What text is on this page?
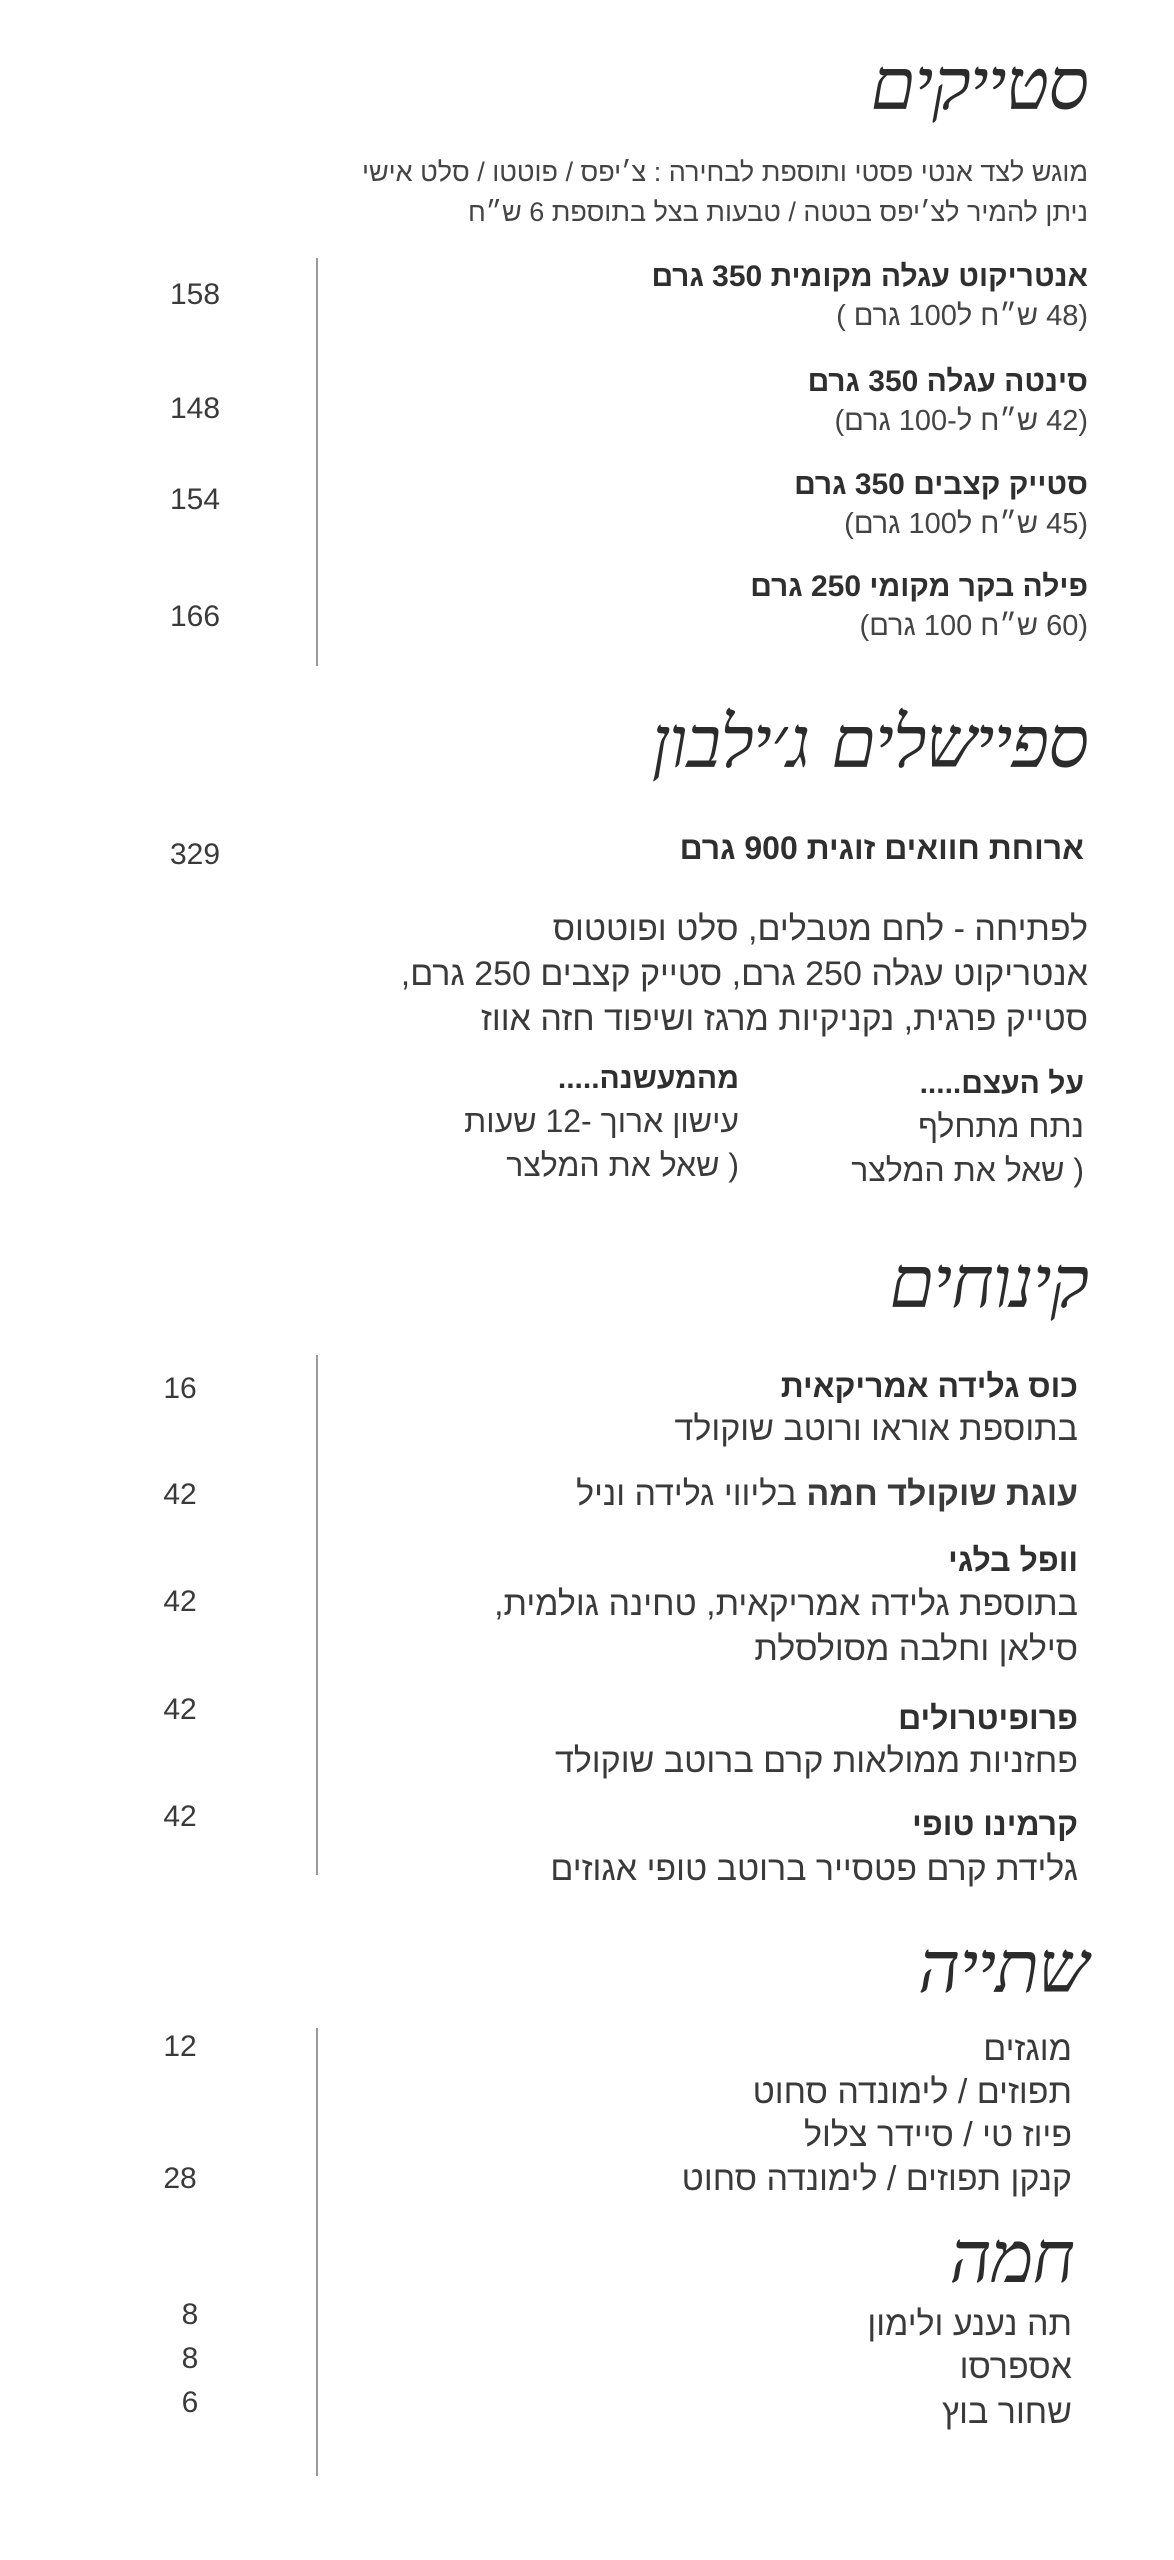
סטייקים
מוגש לצד אנטי פסטי ותוספת לבחירה : צ׳יפס / פוטטו / סלט אישי
ניתן להמיר לצ׳יפס בטטה / טבעות בצל בתוספת 6 ש״ח
אנטריקוט עגלה מקומית 350 גרם
(48 ש״ח ל100 גרם )
158
סינטה עגלה 350 גרם
(42 ש״ח ל-100 גרם)
148
סטייק קצבים 350 גרם
(45 ש״ח ל100 גרם)
154
פילה בקר מקומי 250 גרם
(60 ש״ח 100 גרם)
166
ספיישלים ג׳ילבון
ארוחת חוואים זוגית 900 גרם
329
לפתיחה - לחם מטבלים, סלט ופוטטוס
אנטריקוט עגלה 250 גרם, סטייק קצבים 250 גרם,
סטייק פרגית, נקניקיות מרגז ושיפוד חזה אווז
על העצם.....
נתח מתחלף
( שאל את המלצר
מהמעשנה.....
עישון ארוך -12 שעות
( שאל את המלצר
קינוחים
כוס גלידה אמריקאית
בתוספת אוראו ורוטב שוקולד
16
עוגת שוקולד חמה בליווי גלידה וניל
42
וופל בלגי
בתוספת גלידה אמריקאית, טחינה גולמית,
סילאן וחלבה מסולסלת
42
פרופיטרולים
פחזניות ממולאות קרם ברוטב שוקולד
42
קרמינו טופי
גלידת קרם פטסייר ברוטב טופי אגוזים
42
שתייה
מוגזים
תפוזים / לימונדה סחוט
פיוז טי / סיידר צלול
קנקן תפוזים / לימונדה סחוט
12
28
חמה
תה נענע ולימון
אספרסו
שחור בוץ
8
8
6
